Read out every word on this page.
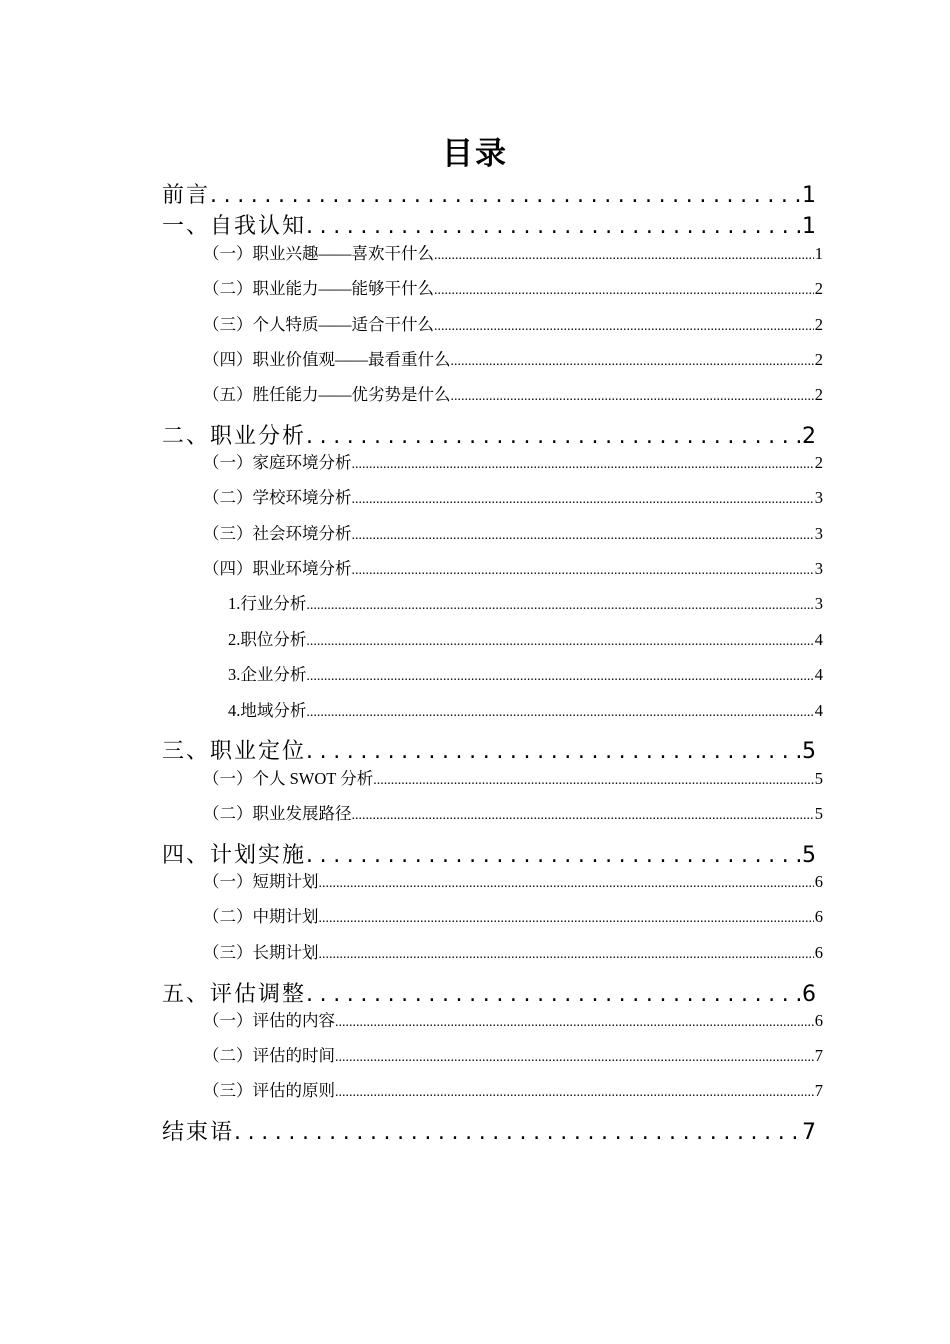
目录
前言 .....	1
一、自我认知 .....	1
（一）职业兴趣——喜欢干什么 .....	1
（二）职业能力——能够干什么 .....	2
（三）个人特质——适合干什么 .....	2
（四）职业价值观——最看重什么 .....	2
（五）胜任能力——优劣势是什么 .....	2
二、职业分析 .....	2
（一）家庭环境分析 .....	2
（二）学校环境分析 .....	3
（三）社会环境分析 .....	3
（四）职业环境分析 .....	3
1.行业分析 .....	3
2.职位分析 .....	4
3.企业分析 .....	4
4.地域分析 .....	4
三、职业定位 .....	5
（一）个人 SWOT 分析 .....	5
（二）职业发展路径 .....	5
四、计划实施 .....	5
（一）短期计划 .....	6
（二）中期计划 .....	6
（三）长期计划 .....	6
五、评估调整 .....	6
（一）评估的内容 .....	6
（二）评估的时间 .....	7
（三）评估的原则 .....	7
结束语 .....	7
